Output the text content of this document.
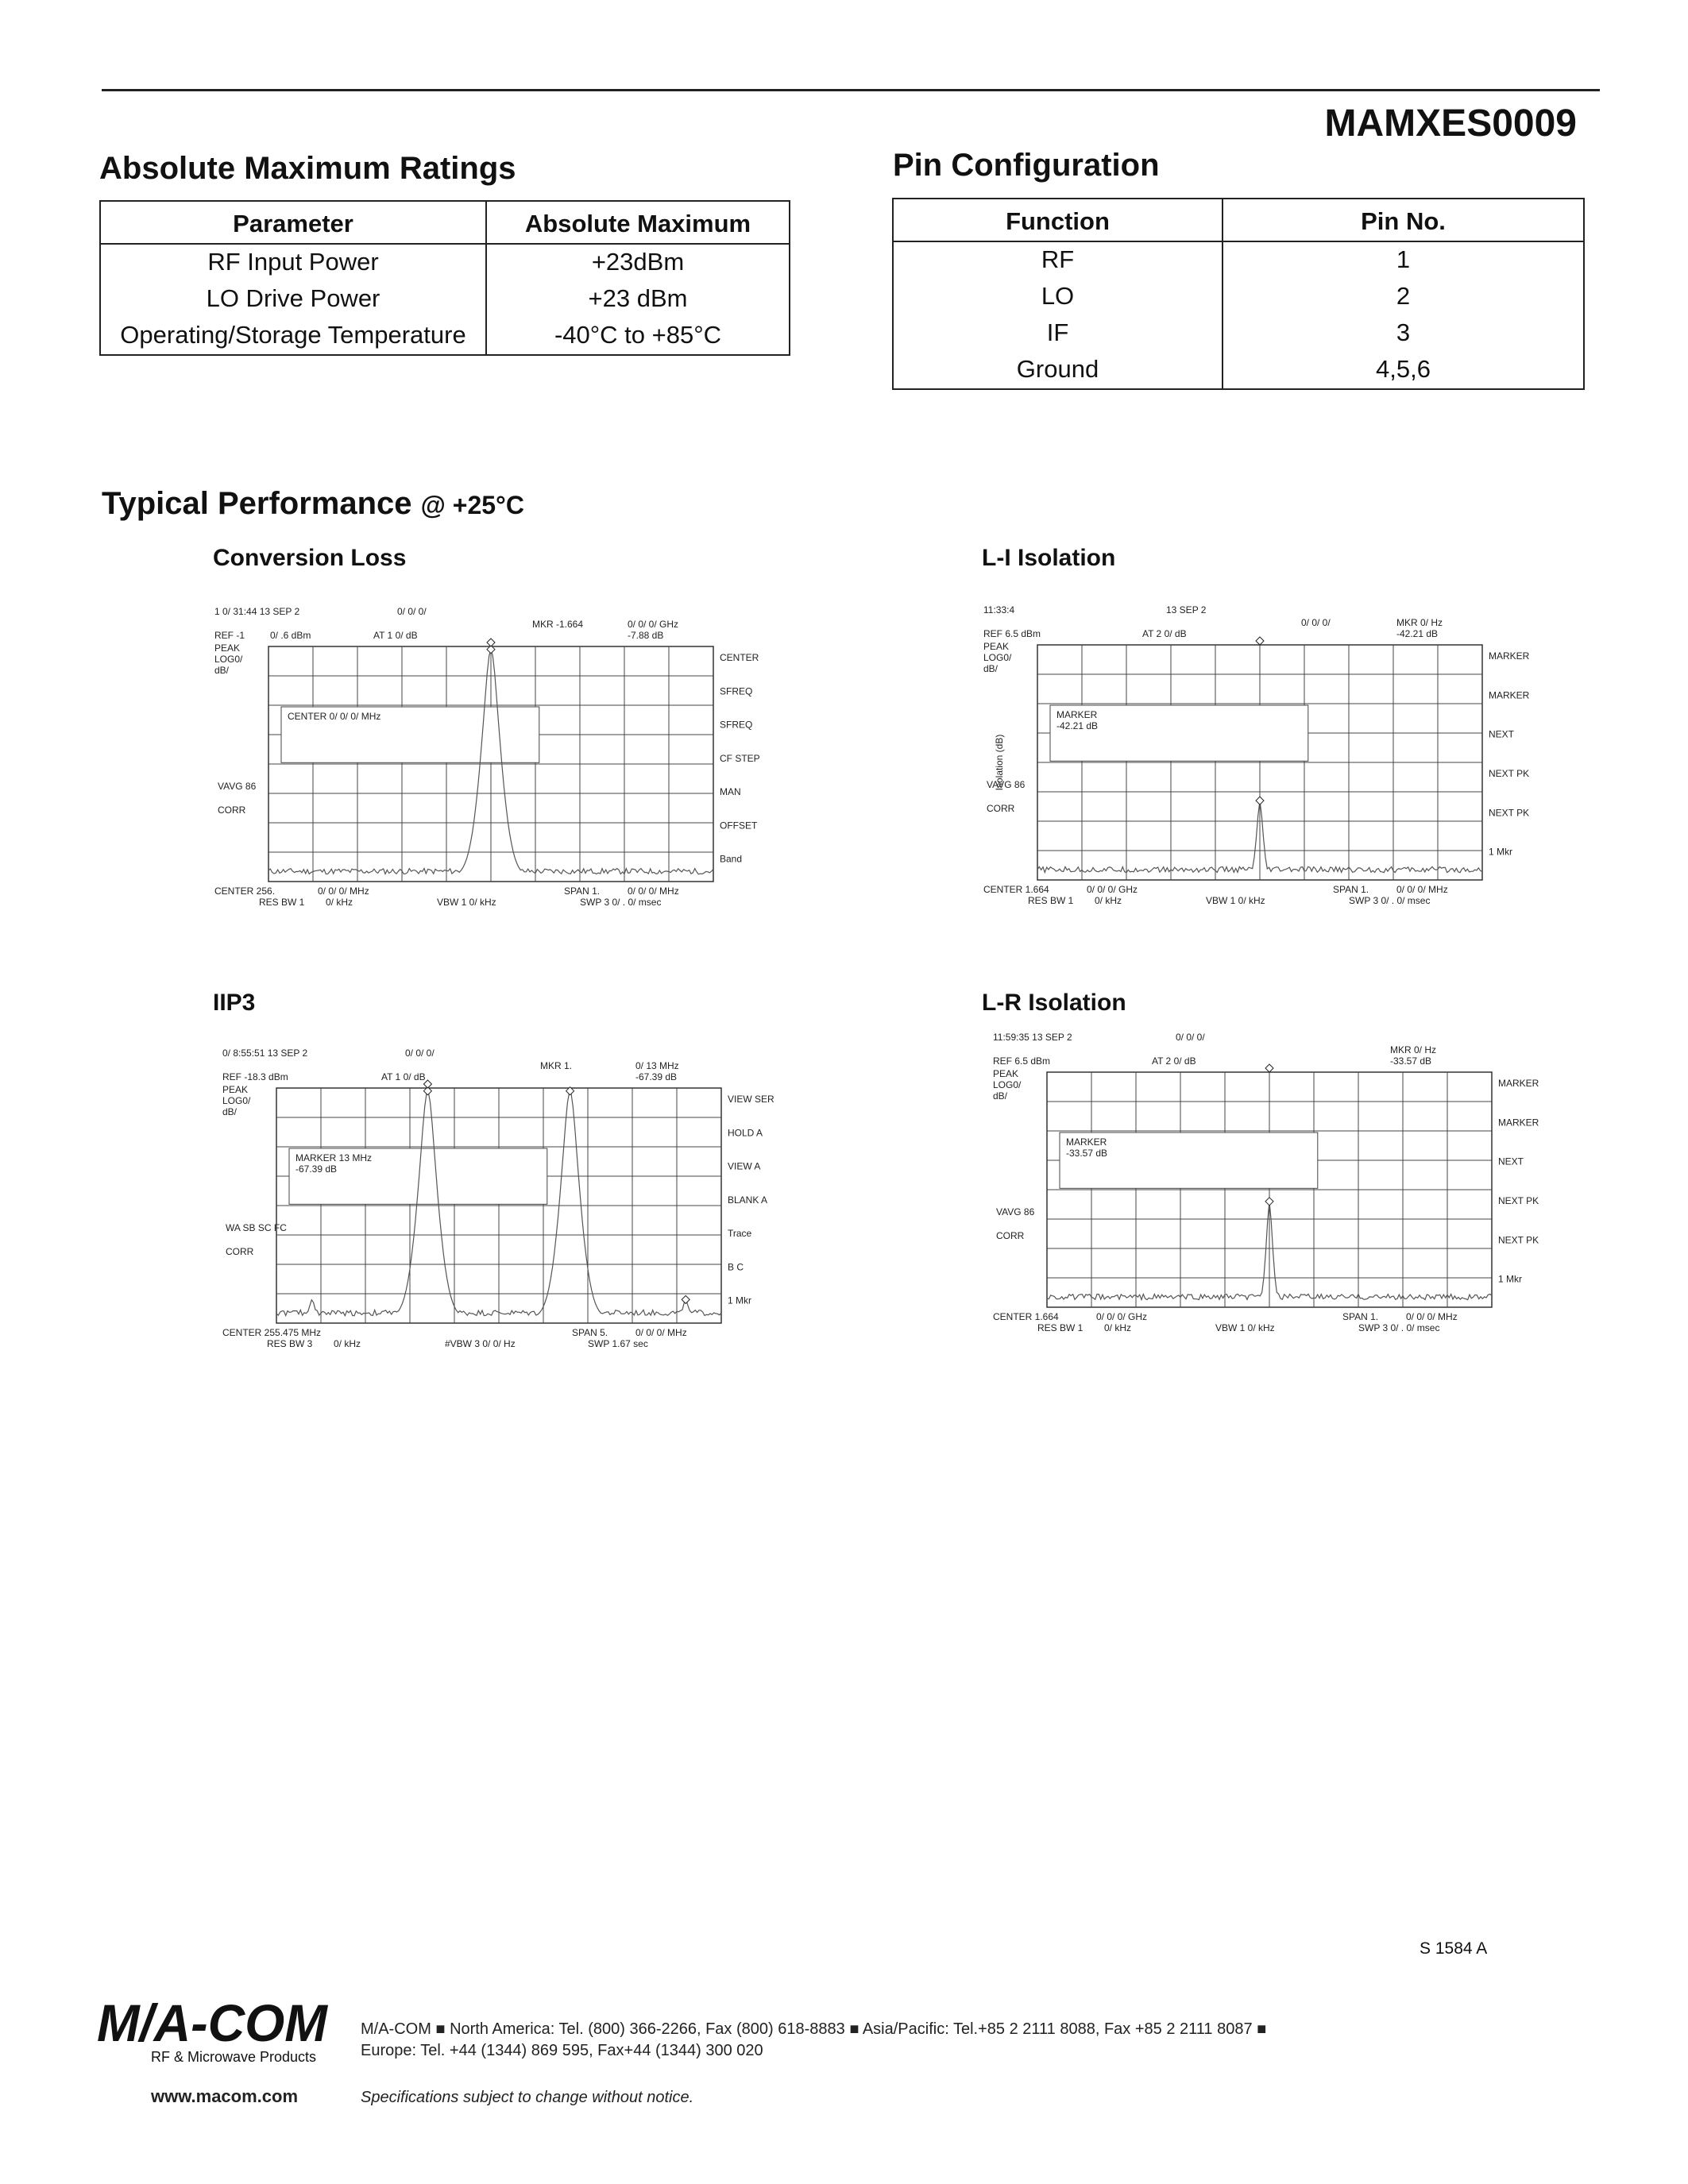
MAMXES0009
Absolute Maximum Ratings
Parameter	Absolute Maximum
RF Input Power	+23dBm
LO Drive Power	+23 dBm
Operating/Storage Temperature	-40°C to +85°C
Pin Configuration
Function	Pin No.
RF	1
LO	2
IF	3
Ground	4,5,6
Typical Performance @ +25°C
Conversion Loss	L-I Isolation
IIP3	L-R Isolation
1 0/ 31:44 13 SEP 2	0/ 0/ 0/
MKR -1.664	0/ 0/ 0/ GHz
-7.88 dB
REF -1	0/ .6 dBm	AT 1 0/ dB
PEAK
LOG0/
dB/
VAVG 86
CORR
CENTER 0/ 0/ 0/ MHz
CENTER
SFREQ
SFREQ
CF STEP
MAN
OFFSET
Band
CENTER 256.	0/ 0/ 0/ MHz	SPAN 1.	0/ 0/ 0/ MHz
RES BW 1 0/ kHz	VBW 1 0/ kHz	SWP 3 0/ . 0/ msec
11:33:4	13 SEP 2
0/ 0/ 0/	MKR 0/ Hz
-42.21 dB
REF 6.5 dBm	AT 2 0/ dB
PEAK
LOG0/
dB/
VAVG 86
CORR
Isolation (dB)
MARKER
-42.21 dB
MARKER
MARKER
NEXT
NEXT PK
NEXT PK
1 Mkr
CENTER 1.664	0/ 0/ 0/ GHz	SPAN 1.	0/ 0/ 0/ MHz
RES BW 1 0/ kHz	VBW 1 0/ kHz	SWP 3 0/ . 0/ msec
0/ 8:55:51 13 SEP 2	0/ 0/ 0/
MKR 1.	0/ 13 MHz
-67.39 dB
REF -18.3 dBm	AT 1 0/ dB
PEAK
LOG0/
dB/
WA SB SC FC
CORR
MARKER 13 MHz
-67.39 dB
VIEW SER
HOLD A
VIEW A
BLANK A
Trace
B C
1 Mkr
CENTER 255.475 MHz	SPAN 5.	0/ 0/ 0/ MHz
RES BW 3 0/ kHz	#VBW 3 0/ 0/ Hz	SWP 1.67 sec
11:59:35 13 SEP 2	0/ 0/ 0/
MKR 0/ Hz
-33.57 dB
REF 6.5 dBm	AT 2 0/ dB
PEAK
LOG0/
dB/
VAVG 86
CORR
MARKER
-33.57 dB
MARKER
MARKER
NEXT
NEXT PK
NEXT PK
1 Mkr
CENTER 1.664	0/ 0/ 0/ GHz	SPAN 1.	0/ 0/ 0/ MHz
RES BW 1 0/ kHz	VBW 1 0/ kHz	SWP 3 0/ . 0/ msec
S 1584 A
M/A-COM
RF & Microwave Products
M/A-COM ■ North America: Tel. (800) 366-2266, Fax (800) 618-8883 ■ Asia/Pacific: Tel.+85 2 2111 8088, Fax +85 2 2111 8087 ■
Europe: Tel. +44 (1344) 869 595, Fax+44 (1344) 300 020
www.macom.com	Specifications subject to change without notice.
